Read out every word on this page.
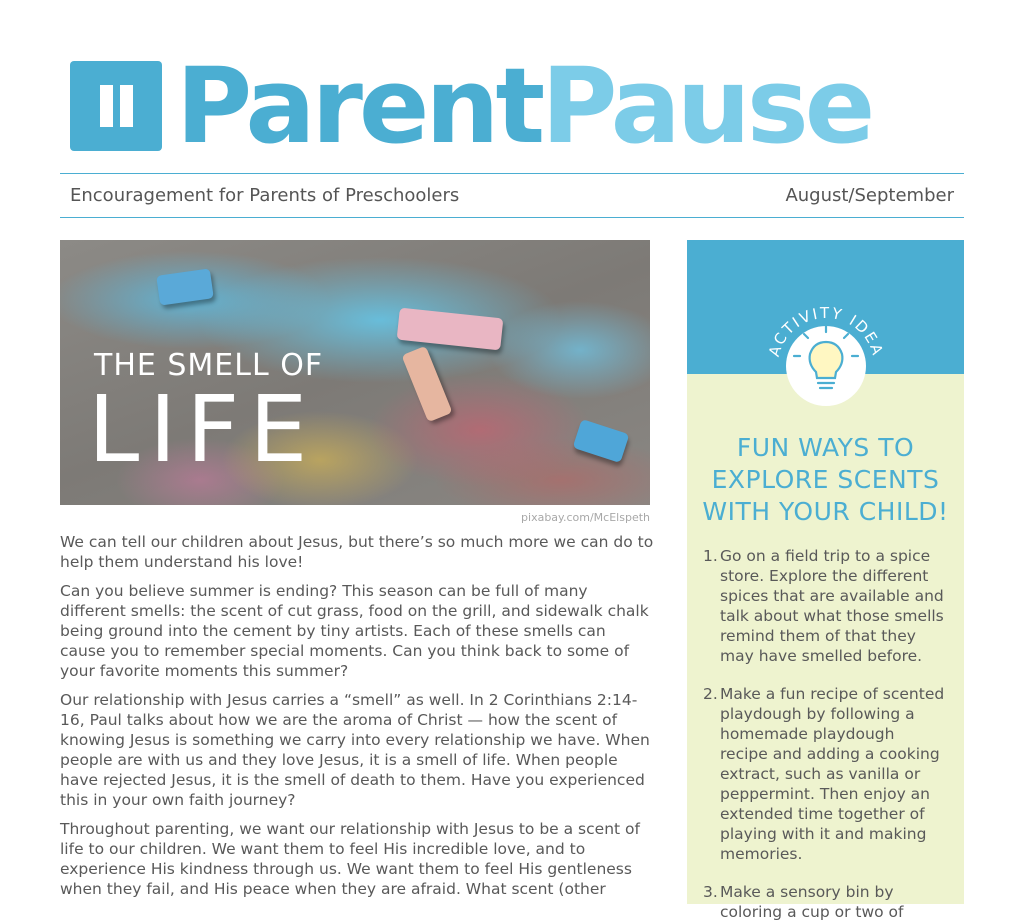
ParentPause
Encouragement for Parents of Preschoolers	August/September
THE SMELL OF
LIFE
pixabay.com/McElspeth

We can tell our children about Jesus, but there’s so much more we can do to help them understand his love!

Can you believe summer is ending? This season can be full of many different smells: the scent of cut grass, food on the grill, and sidewalk chalk being ground into the cement by tiny artists. Each of these smells can cause you to remember special moments. Can you think back to some of your favorite moments this summer?

Our relationship with Jesus carries a “smell” as well. In 2 Corinthians 2:14-16, Paul talks about how we are the aroma of Christ — how the scent of knowing Jesus is something we carry into every relationship we have. When people are with us and they love Jesus, it is a smell of life. When people have rejected Jesus, it is the smell of death to them. Have you experienced this in your own faith journey?

Throughout parenting, we want our relationship with Jesus to be a scent of life to our children. We want them to feel His incredible love, and to experience His kindness through us. We want them to feel His gentleness when they fail, and His peace when they are afraid. What scent (other

ACTIVITY IDEA
FUN WAYS TO EXPLORE SCENTS WITH YOUR CHILD!
1. Go on a field trip to a spice store. Explore the different spices that are available and talk about what those smells remind them of that they may have smelled before.
2. Make a fun recipe of scented playdough by following a homemade playdough recipe and adding a cooking extract, such as vanilla or peppermint. Then enjoy an extended time together of playing with it and making memories.
3. Make a sensory bin by coloring a cup or two of
